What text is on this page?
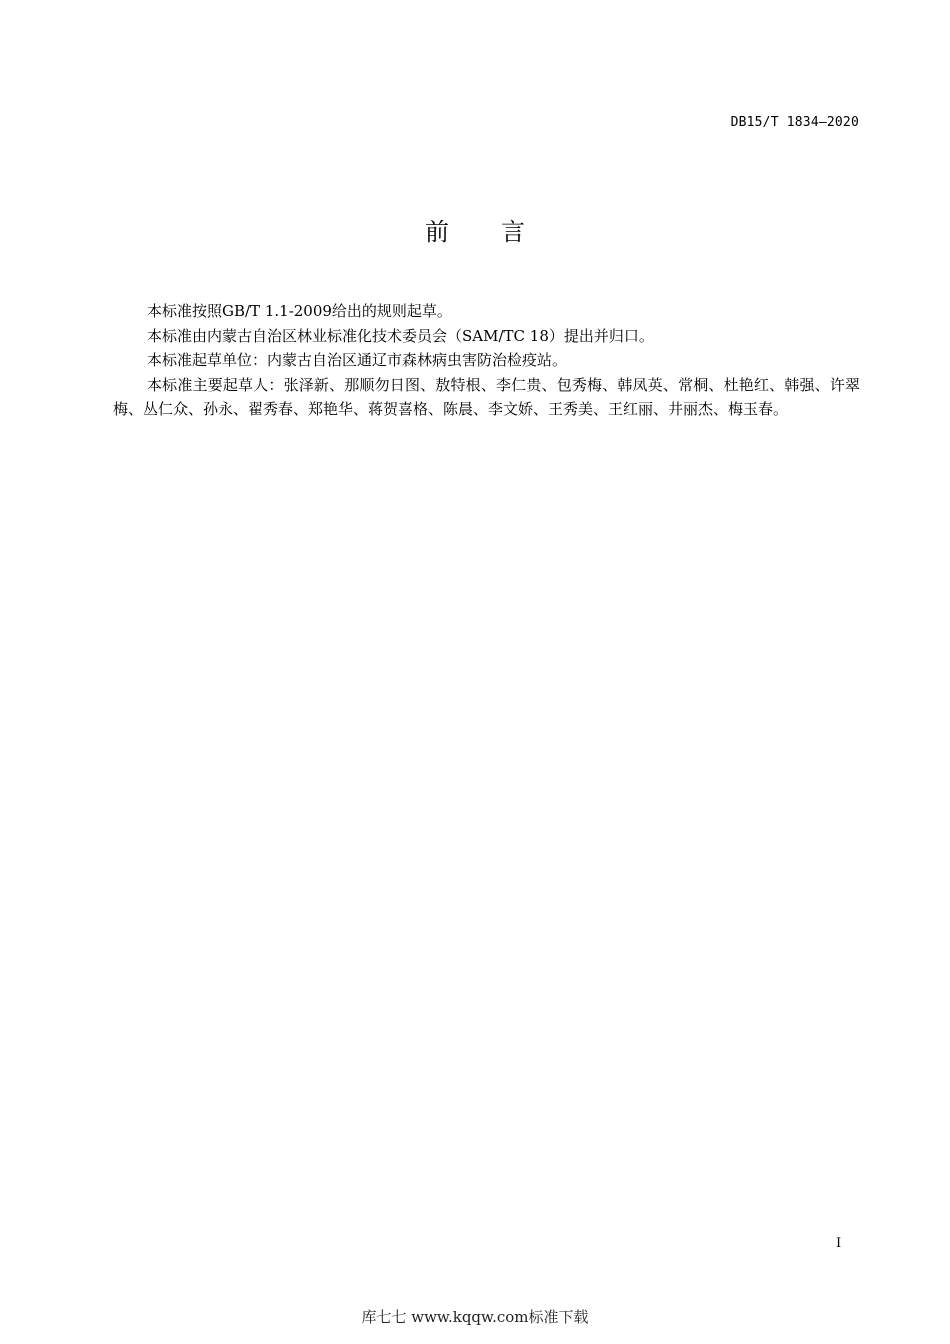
DB15/T 1834—2020
前 言

本标准按照GB/T 1.1-2009给出的规则起草。

本标准由内蒙古自治区林业标准化技术委员会（SAM/TC 18）提出并归口。

本标准起草单位：内蒙古自治区通辽市森林病虫害防治检疫站。

本标准主要起草人：张泽新、那顺勿日图、敖特根、李仁贵、包秀梅、韩凤英、常桐、杜艳红、韩强、许翠梅、丛仁众、孙永、翟秀春、郑艳华、蒋贺喜格、陈晨、李文娇、王秀美、王红丽、井丽杰、梅玉春。

I
库七七 www.kqqw.com标准下载
